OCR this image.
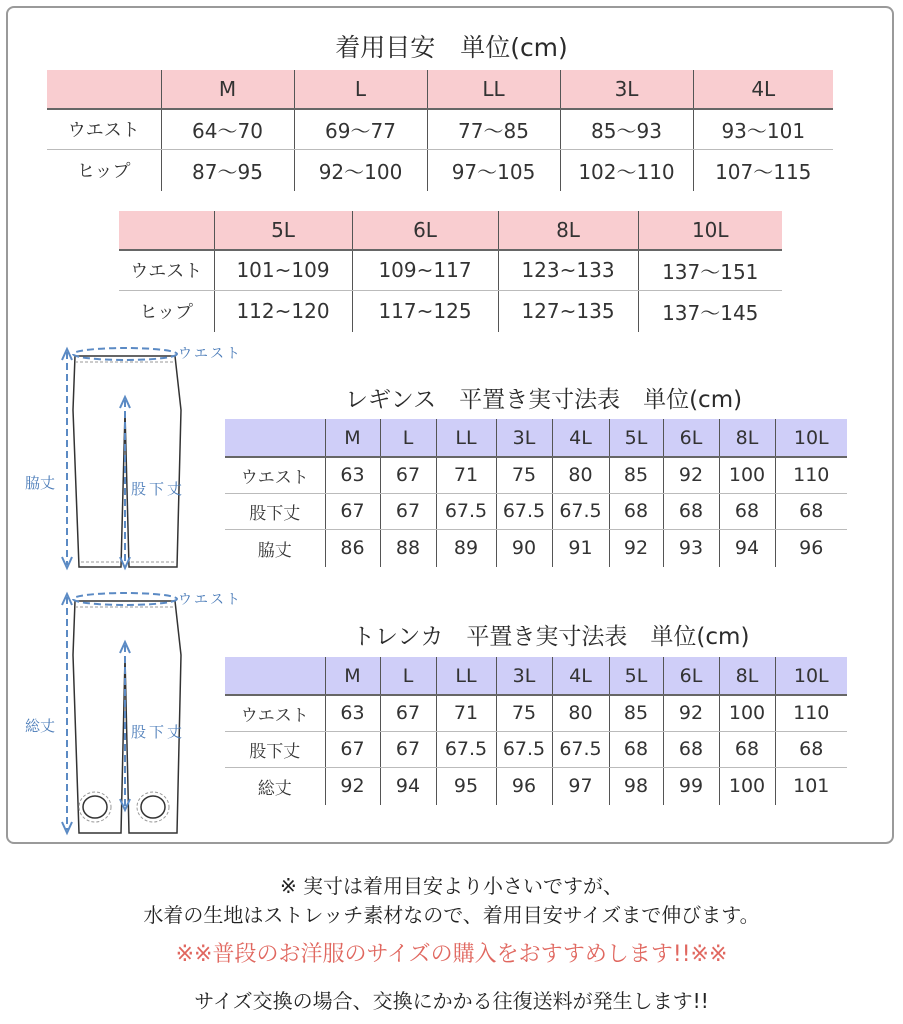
着用目安　単位(cm)
	M	L	LL	3L	4L
ウエスト	64〜70	69〜77	77〜85	85〜93	93〜101
ヒップ	87〜95	92〜100	97〜105	102〜110	107〜115
	5L	6L	8L	10L
ウエスト	101~109	109~117	123~133	137〜151
ヒップ	112~120	117~125	127~135	137〜145
ウエスト
脇丈	股下丈
レギンス　平置き実寸法表　単位(cm)
	M	L	LL	3L	4L	5L	6L	8L	10L
ウエスト	63	67	71	75	80	85	92	100	110
股下丈	67	67	67.5	67.5	67.5	68	68	68	68
脇丈	86	88	89	90	91	92	93	94	96
ウエスト
総丈	股下丈
トレンカ　平置き実寸法表　単位(cm)
	M	L	LL	3L	4L	5L	6L	8L	10L
ウエスト	63	67	71	75	80	85	92	100	110
股下丈	67	67	67.5	67.5	67.5	68	68	68	68
総丈	92	94	95	96	97	98	99	100	101
※ 実寸は着用目安より小さいですが、
水着の生地はストレッチ素材なので、着用目安サイズまで伸びます。
※※普段のお洋服のサイズの購入をおすすめします!!※※
サイズ交換の場合、交換にかかる往復送料が発生します!!
